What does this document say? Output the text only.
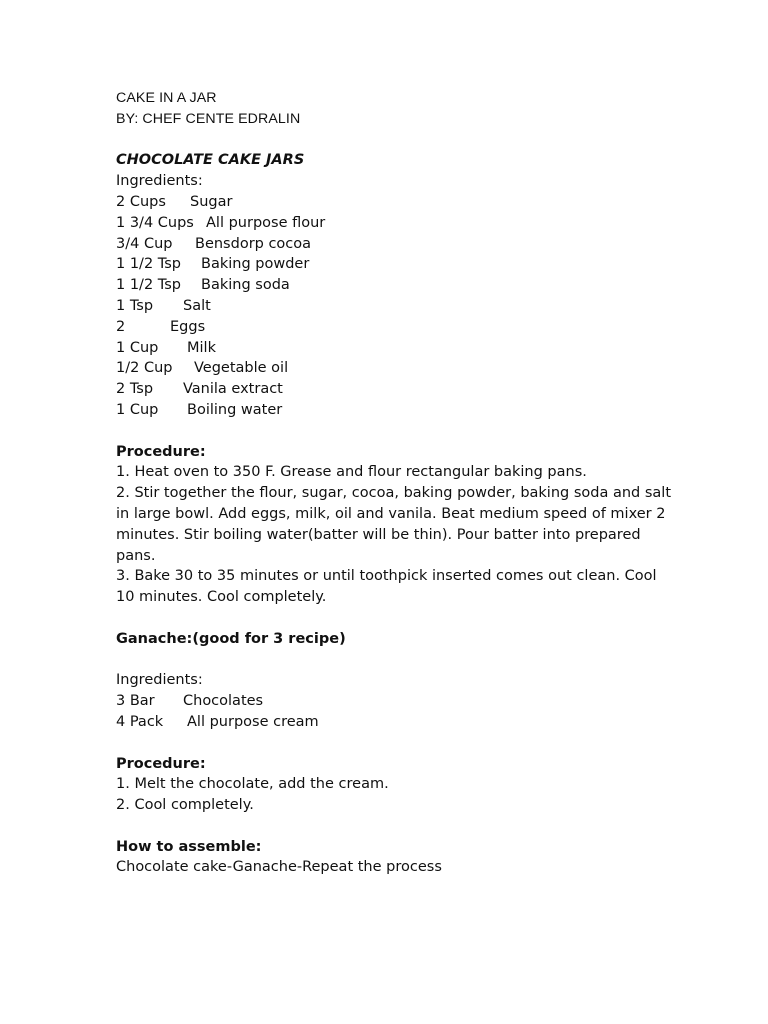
CAKE IN A JAR
BY: CHEF CENTE EDRALIN
CHOCOLATE CAKE JARS
Ingredients:
2 Cups	Sugar
1 3/4 Cups All purpose flour
3/4 Cup	Bensdorp cocoa
1 1/2 Tsp	Baking powder
1 1/2 Tsp	Baking soda
1 Tsp	Salt
2	Eggs
1 Cup	Milk
1/2 Cup	Vegetable oil
2 Tsp	Vanila extract
1 Cup	Boiling water
Procedure:
1. Heat oven to 350 F. Grease and flour rectangular baking pans.
2. Stir together the flour, sugar, cocoa, baking powder, baking soda and salt in large bowl. Add eggs, milk, oil and vanila. Beat medium speed of mixer 2 minutes. Stir boiling water(batter will be thin). Pour batter into prepared pans.
3. Bake 30 to 35 minutes or until toothpick inserted comes out clean. Cool 10 minutes. Cool completely.
Ganache:(good for 3 recipe)
Ingredients:
3 Bar	Chocolates
4 Pack	All purpose cream
Procedure:
1. Melt the chocolate, add the cream.
2. Cool completely.
How to assemble:
Chocolate cake-Ganache-Repeat the process
